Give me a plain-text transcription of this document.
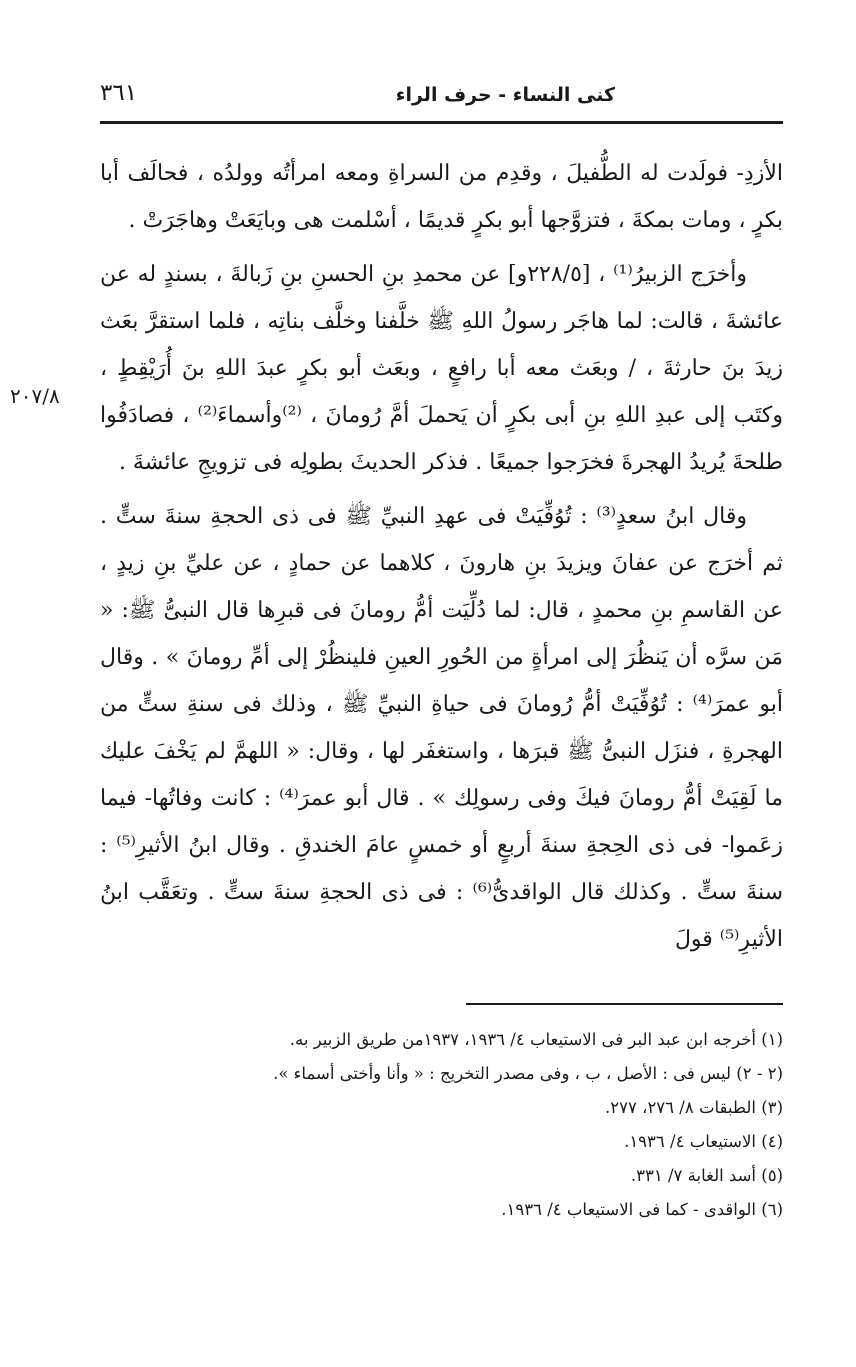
كنى النساء - حرف الراء
٣٦١
٢٠٧/٨

الأزدِ- فولَدت له الطُّفيلَ ، وقدِم من السراةِ ومعه امرأتُه وولدُه ، فحالَف أبا بكرٍ ، ومات بمكةَ ، فتزوَّجها أبو بكرٍ قديمًا ، أسْلمت هى وبايَعَتْ وهاجَرَتْ .

وأخرَج الزبيرُ⁽¹⁾ ، [٢٢٨/٥و] عن محمدِ بنِ الحسنِ بنِ زَبالةَ ، بسندٍ له عن عائشةَ ، قالت: لما هاجَر رسولُ اللهِ ﷺ خلَّفنا وخلَّف بناتِه ، فلما استقرَّ بعَث زيدَ بنَ حارثةَ ، / وبعَث معه أبا رافعٍ ، وبعَث أبو بكرٍ عبدَ اللهِ بنَ أُرَيْقِطٍ ، وكتَب إلى عبدِ اللهِ بنِ أبى بكرٍ أن يَحملَ أمَّ رُومانَ ، ⁽²⁾وأسماءَ⁽²⁾ ، فصادَفُوا طلحةَ يُريدُ الهجرةَ فخرَجوا جميعًا . فذكر الحديثَ بطولِه فى تزويجِ عائشةَ .

وقال ابنُ سعدٍ⁽³⁾ : تُوُفِّيَتْ فى عهدِ النبيِّ ﷺ فى ذى الحجةِ سنةَ ستٍّ . ثم أخرَج عن عفانَ ويزيدَ بنِ هارونَ ، كلاهما عن حمادٍ ، عن عليِّ بنِ زيدٍ ، عن القاسمِ بنِ محمدٍ ، قال: لما دُلِّيَت أمُّ رومانَ فى قبرِها قال النبىُّ ﷺ: « مَن سرَّه أن يَنظُرَ إلى امرأةٍ من الحُورِ العينِ فلينظُرْ إلى أمِّ رومانَ » . وقال أبو عمرَ⁽⁴⁾ : تُوُفِّيَتْ أمُّ رُومانَ فى حياةِ النبيِّ ﷺ ، وذلك فى سنةِ ستٍّ من الهجرةِ ، فنزَل النبىُّ ﷺ قبرَها ، واستغفَر لها ، وقال: « اللهمَّ لم يَخْفَ عليك ما لَقِيَتْ أمُّ رومانَ فيكَ وفى رسولِك » . قال أبو عمرَ⁽⁴⁾ : كانت وفاتُها- فيما زعَموا- فى ذى الحِجةِ سنةَ أربعٍ أو خمسٍ عامَ الخندقِ . وقال ابنُ الأثيرِ⁽⁵⁾ : سنةَ ستٍّ . وكذلك قال الواقدىُّ⁽⁶⁾ : فى ذى الحجةِ سنةَ ستٍّ . وتعَقَّب ابنُ الأثيرِ⁽⁵⁾ قولَ

(١) أخرجه ابن عبد البر فى الاستيعاب ٤/ ١٩٣٦، ١٩٣٧من طريق الزبير به.

(٢ - ٢) ليس فى : الأصل ، ب ، وفى مصدر التخريج : « وأنا وأختى أسماء ».

(٣) الطبقات ٨/ ٢٧٦، ٢٧٧.

(٤) الاستيعاب ٤/ ١٩٣٦.

(٥) أسد الغابة ٧/ ٣٣١.

(٦) الواقدى - كما فى الاستيعاب ٤/ ١٩٣٦.
